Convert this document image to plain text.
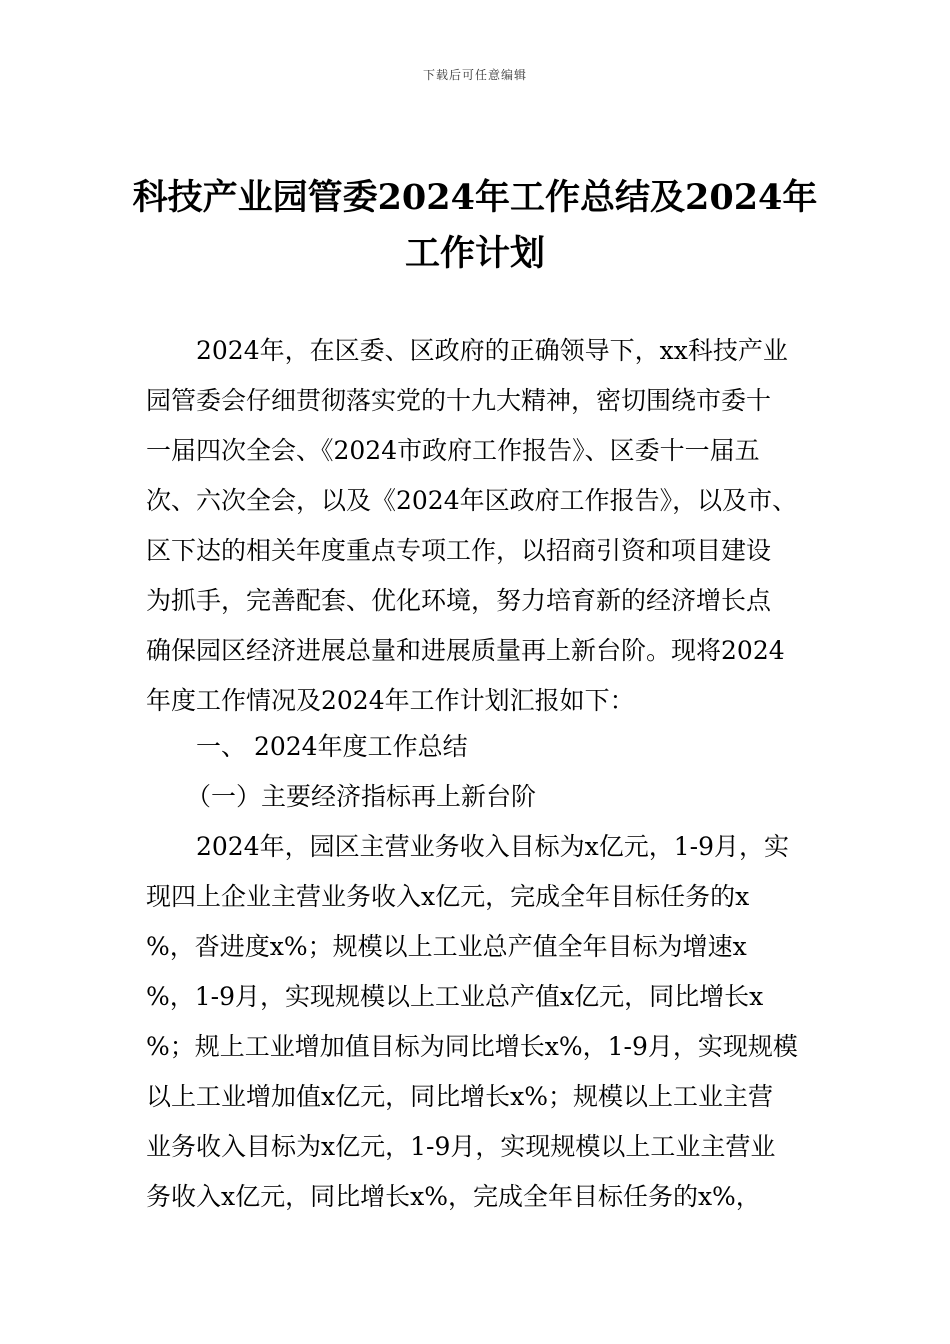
下载后可任意编辑
科技产业园管委2024年工作总结及2024年
工作计划
2024年，在区委、区政府的正确领导下，xx科技产业
园管委会仔细贯彻落实党的十九大精神，密切围绕市委十
一届四次全会、《2024市政府工作报告》、区委十一届五
次、六次全会，以及《2024年区政府工作报告》，以及市、
区下达的相关年度重点专项工作，以招商引资和项目建设
为抓手，完善配套、优化环境，努力培育新的经济增长点
确保园区经济进展总量和进展质量再上新台阶。现将2024
年度工作情况及2024年工作计划汇报如下：
一、 2024年度工作总结
（一）主要经济指标再上新台阶
2024年，园区主营业务收入目标为x亿元，1-9月，实
现四上企业主营业务收入x亿元，完成全年目标任务的x
%，沓进度x%；规模以上工业总产值全年目标为增速x
%，1-9月，实现规模以上工业总产值x亿元，同比增长x
%；规上工业增加值目标为同比增长x%，1-9月，实现规模
以上工业增加值x亿元，同比增长x%；规模以上工业主营
业务收入目标为x亿元，1-9月，实现规模以上工业主营业
务收入x亿元，同比增长x%，完成全年目标任务的x%，
